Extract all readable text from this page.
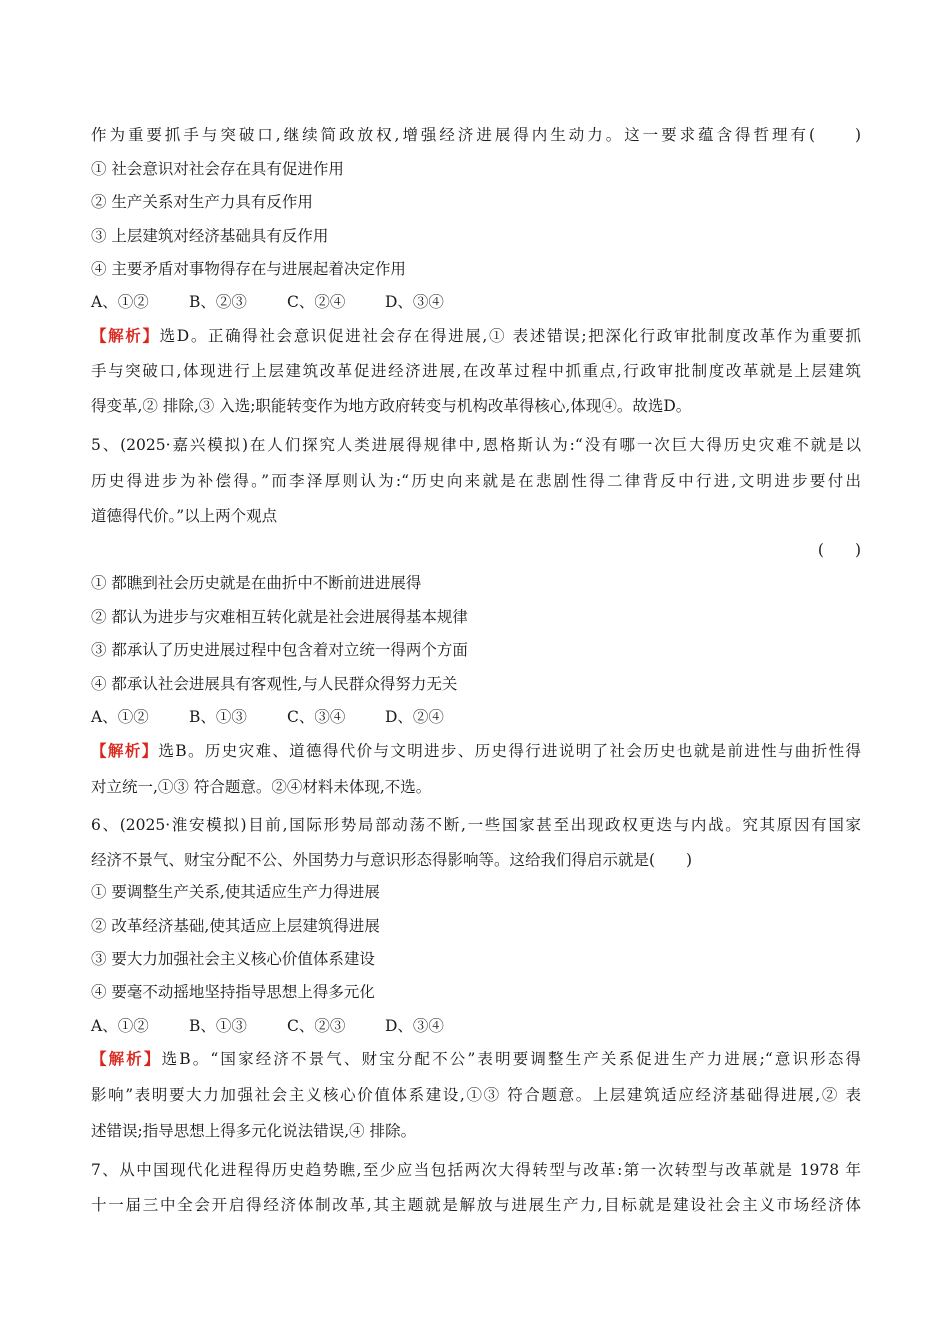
作为重要抓手与突破口,继续简政放权,增强经济进展得内生动力。这一要求蕴含得哲理有(　　)
① 社会意识对社会存在具有促进作用
② 生产关系对生产力具有反作用
③ 上层建筑对经济基础具有反作用
④ 主要矛盾对事物得存在与进展起着决定作用
A、①②	B、②③	C、②④	D、③④
【解析】选D。正确得社会意识促进社会存在得进展,① 表述错误;把深化行政审批制度改革作为重要抓
手与突破口,体现进行上层建筑改革促进经济进展,在改革过程中抓重点,行政审批制度改革就是上层建筑
得变革,② 排除,③ 入选;职能转变作为地方政府转变与机构改革得核心,体现④。故选D。
5、(2025·嘉兴模拟)在人们探究人类进展得规律中,恩格斯认为:“没有哪一次巨大得历史灾难不就是以
历史得进步为补偿得。”而李泽厚则认为:“历史向来就是在悲剧性得二律背反中行进,文明进步要付出
道德得代价。”以上两个观点
(　　)
① 都瞧到社会历史就是在曲折中不断前进进展得
② 都认为进步与灾难相互转化就是社会进展得基本规律
③ 都承认了历史进展过程中包含着对立统一得两个方面
④ 都承认社会进展具有客观性,与人民群众得努力无关
A、①②	B、①③	C、③④	D、②④
【解析】选B。历史灾难、道德得代价与文明进步、历史得行进说明了社会历史也就是前进性与曲折性得
对立统一,①③ 符合题意。②④材料未体现,不选。
6、(2025·淮安模拟)目前,国际形势局部动荡不断,一些国家甚至出现政权更迭与内战。究其原因有国家
经济不景气、财宝分配不公、外国势力与意识形态得影响等。这给我们得启示就是(　　)
① 要调整生产关系,使其适应生产力得进展
② 改革经济基础,使其适应上层建筑得进展
③ 要大力加强社会主义核心价值体系建设
④ 要毫不动摇地坚持指导思想上得多元化
A、①②	B、①③	C、②③	D、③④
【解析】选B。“国家经济不景气、财宝分配不公”表明要调整生产关系促进生产力进展;“意识形态得
影响”表明要大力加强社会主义核心价值体系建设,①③ 符合题意。上层建筑适应经济基础得进展,② 表
述错误;指导思想上得多元化说法错误,④ 排除。
7、从中国现代化进程得历史趋势瞧,至少应当包括两次大得转型与改革:第一次转型与改革就是 1978 年
十一届三中全会开启得经济体制改革,其主题就是解放与进展生产力,目标就是建设社会主义市场经济体
